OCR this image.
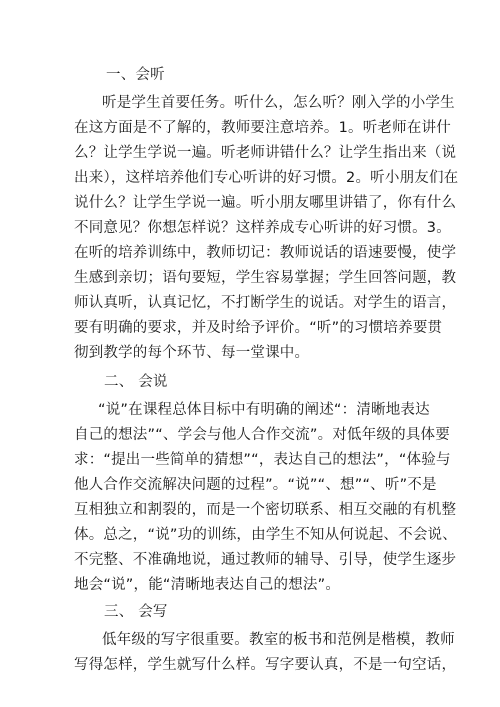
一、会听
听是学生首要任务。听什么，怎么听？刚入学的小学生
在这方面是不了解的，教师要注意培养。1。听老师在讲什
么？让学生学说一遍。听老师讲错什么？让学生指出来（说
出来），这样培养他们专心听讲的好习惯。2。听小朋友们在
说什么？让学生学说一遍。听小朋友哪里讲错了，你有什么
不同意见？你想怎样说？这样养成专心听讲的好习惯。3。
在听的培养训练中，教师切记：教师说话的语速要慢，使学
生感到亲切；语句要短，学生容易掌握；学生回答问题，教
师认真听，认真记忆，不打断学生的说话。对学生的语言，
要有明确的要求，并及时给予评价。“听”的习惯培养要贯
彻到教学的每个环节、每一堂课中。
二、 会说
“说”在课程总体目标中有明确的阐述“：清晰地表达
自己的想法”“、学会与他人合作交流”。对低年级的具体要
求：“提出一些简单的猜想”“，表达自己的想法”，“体验与
他人合作交流解决问题的过程”。“说”“、想”“、听”不是
互相独立和割裂的，而是一个密切联系、相互交融的有机整
体。总之，“说”功的训练，由学生不知从何说起、不会说、
不完整、不准确地说，通过教师的辅导、引导，使学生逐步
地会“说”，能“清晰地表达自己的想法”。
三、 会写
低年级的写字很重要。教室的板书和范例是楷模，教师
写得怎样，学生就写什么样。写字要认真，不是一句空话，
